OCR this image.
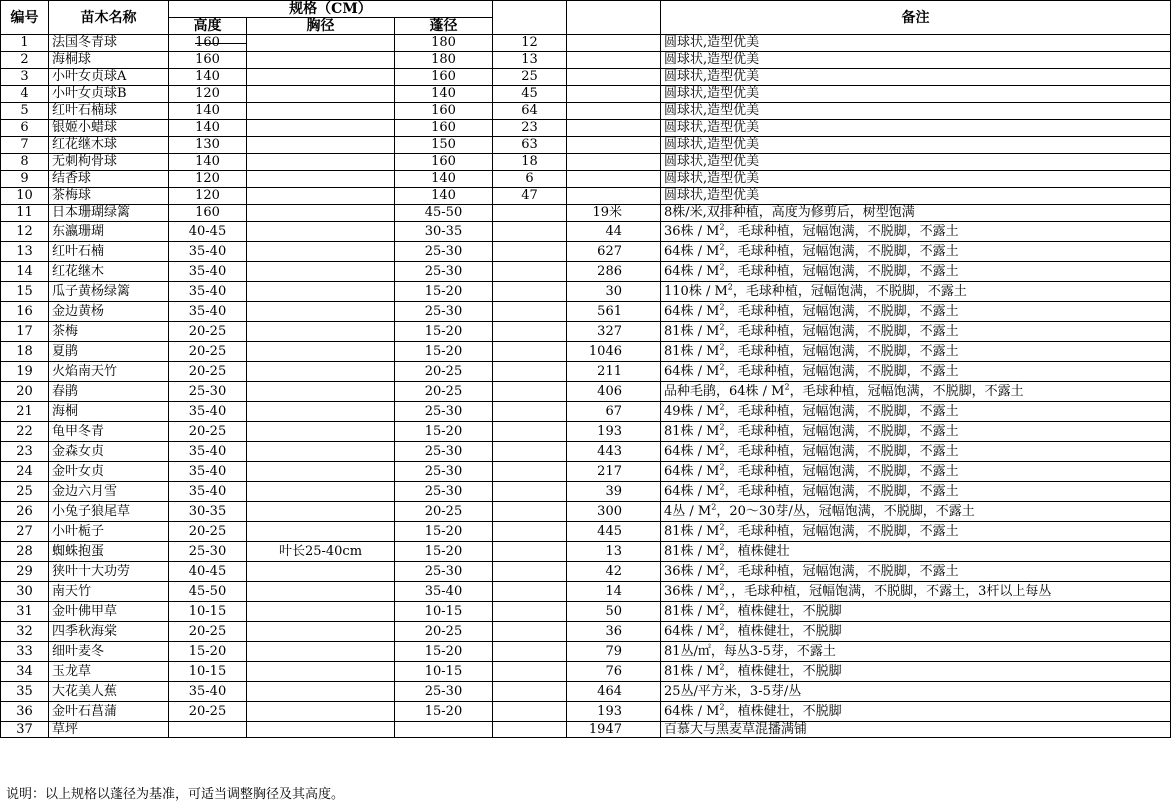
编号	苗木名称	规格（CM）					备注
		高度	胸径	蓬径			
1	法国冬青球	160		180	12		圆球状,造型优美
2	海桐球	160		180	13		圆球状,造型优美
3	小叶女贞球A	140		160	25		圆球状,造型优美
4	小叶女贞球B	120		140	45		圆球状,造型优美
5	红叶石楠球	140		160	64		圆球状,造型优美
6	银姬小蜡球	140		160	23		圆球状,造型优美
7	红花继木球	130		150	63		圆球状,造型优美
8	无刺枸骨球	140		160	18		圆球状,造型优美
9	结香球	120		140	6		圆球状,造型优美
10	茶梅球	120		140	47		圆球状,造型优美
11	日本珊瑚绿篱	160		45-50		19米	8株/米,双排种植，高度为修剪后，树型饱满
12	东瀛珊瑚	40-45		30-35		44	36株 / $M^2$，毛球种植，冠幅饱满，不脱脚，不露土
13	红叶石楠	35-40		25-30		627	64株 / $M^2$，毛球种植，冠幅饱满，不脱脚，不露土
14	红花继木	35-40		25-30		286	64株 / $M^2$，毛球种植，冠幅饱满，不脱脚，不露土
15	瓜子黄杨绿篱	35-40		15-20		30	110株 / $M^2$，毛球种植，冠幅饱满，不脱脚，不露土
16	金边黄杨	35-40		25-30		561	64株 / $M^2$，毛球种植，冠幅饱满，不脱脚，不露土
17	茶梅	20-25		15-20		327	81株 / $M^2$，毛球种植，冠幅饱满，不脱脚，不露土
18	夏鹃	20-25		15-20		1046	81株 / $M^2$，毛球种植，冠幅饱满，不脱脚，不露土
19	火焰南天竹	20-25		20-25		211	64株 / $M^2$，毛球种植，冠幅饱满，不脱脚，不露土
20	春鹃	25-30		20-25		406	品种毛鹃，64株 / $M^2$，毛球种植，冠幅饱满，不脱脚，不露土
21	海桐	35-40		25-30		67	49株 / $M^2$，毛球种植，冠幅饱满，不脱脚，不露土
22	龟甲冬青	20-25		15-20		193	81株 / $M^2$，毛球种植，冠幅饱满，不脱脚，不露土
23	金森女贞	35-40		25-30		443	64株 / $M^2$，毛球种植，冠幅饱满，不脱脚，不露土
24	金叶女贞	35-40		25-30		217	64株 / $M^2$，毛球种植，冠幅饱满，不脱脚，不露土
25	金边六月雪	35-40		25-30		39	64株 / $M^2$，毛球种植，冠幅饱满，不脱脚，不露土
26	小兔子狼尾草	30-35		20-25		300	4丛 / $M^2$，20～30芽/丛，冠幅饱满，不脱脚，不露土
27	小叶栀子	20-25		15-20		445	81株 / $M^2$，毛球种植，冠幅饱满，不脱脚，不露土
28	蜘蛛抱蛋	25-30	叶长25-40cm	15-20		13	81株 / $M^2$，植株健壮
29	狭叶十大功劳	40-45		25-30		42	36株 / $M^2$，毛球种植，冠幅饱满，不脱脚，不露土
30	南天竹	45-50		35-40		14	36株 / $M^2$，，毛球种植，冠幅饱满，不脱脚，不露土，3杆以上每丛
31	金叶佛甲草	10-15		10-15		50	81株 / $M^2$，植株健壮，不脱脚
32	四季秋海棠	20-25		20-25		36	64株 / $M^2$，植株健壮，不脱脚
33	细叶麦冬	15-20		15-20		79	81丛/㎡，每丛3-5芽，不露土
34	玉龙草	10-15		10-15		76	81株 / $M^2$，植株健壮，不脱脚
35	大花美人蕉	35-40		25-30		464	25丛/平方米，3-5芽/丛
36	金叶石菖蒲	20-25		15-20		193	64株 / $M^2$，植株健壮，不脱脚
37	草坪					1947	百慕大与黑麦草混播满铺
说明：以上规格以蓬径为基准，可适当调整胸径及其高度。
